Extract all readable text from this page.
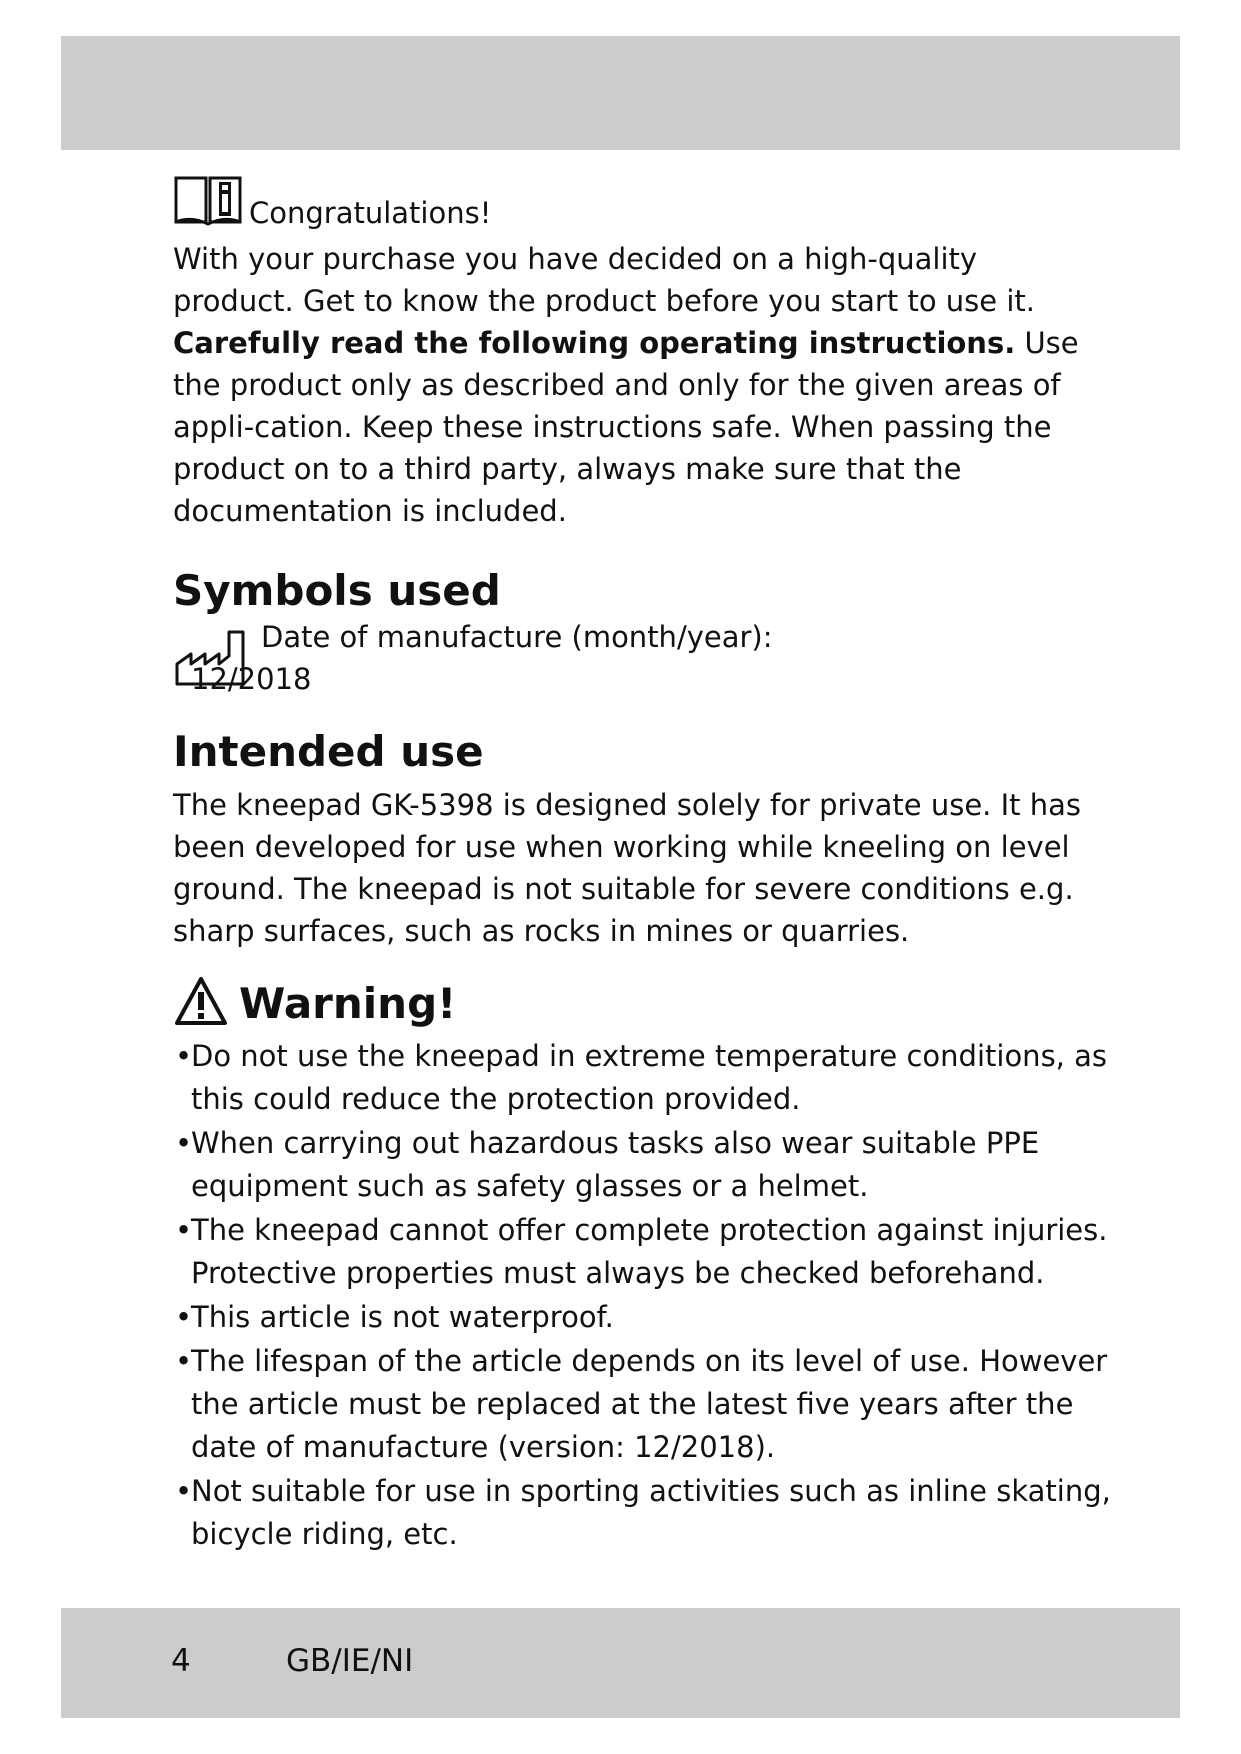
Congratulations!

With your purchase you have decided on a high-quality product. Get to know the product before you start to use it. Carefully read the following operating instructions. Use the product only as described and only for the given areas of appli-cation. Keep these instructions safe. When passing the product on to a third party, always make sure that the documentation is included.

Symbols used
Date of manufacture (month/year):
12/2018
Intended use

The kneepad GK-5398 is designed solely for private use. It has been developed for use when working while kneeling on level ground. The kneepad is not suitable for severe conditions e.g. sharp surfaces, such as rocks in mines or quarries.

Warning!
• Do not use the kneepad in extreme temperature conditions, as this could reduce the protection provided.
• When carrying out hazardous tasks also wear suitable PPE equipment such as safety glasses or a helmet.
• The kneepad cannot offer complete protection against injuries. Protective properties must always be checked beforehand.
• This article is not waterproof.
• The lifespan of the article depends on its level of use. However the article must be replaced at the latest five years after the date of manufacture (version: 12/2018).
• Not suitable for use in sporting activities such as inline skating, bicycle riding, etc.
4	GB/IE/NI
